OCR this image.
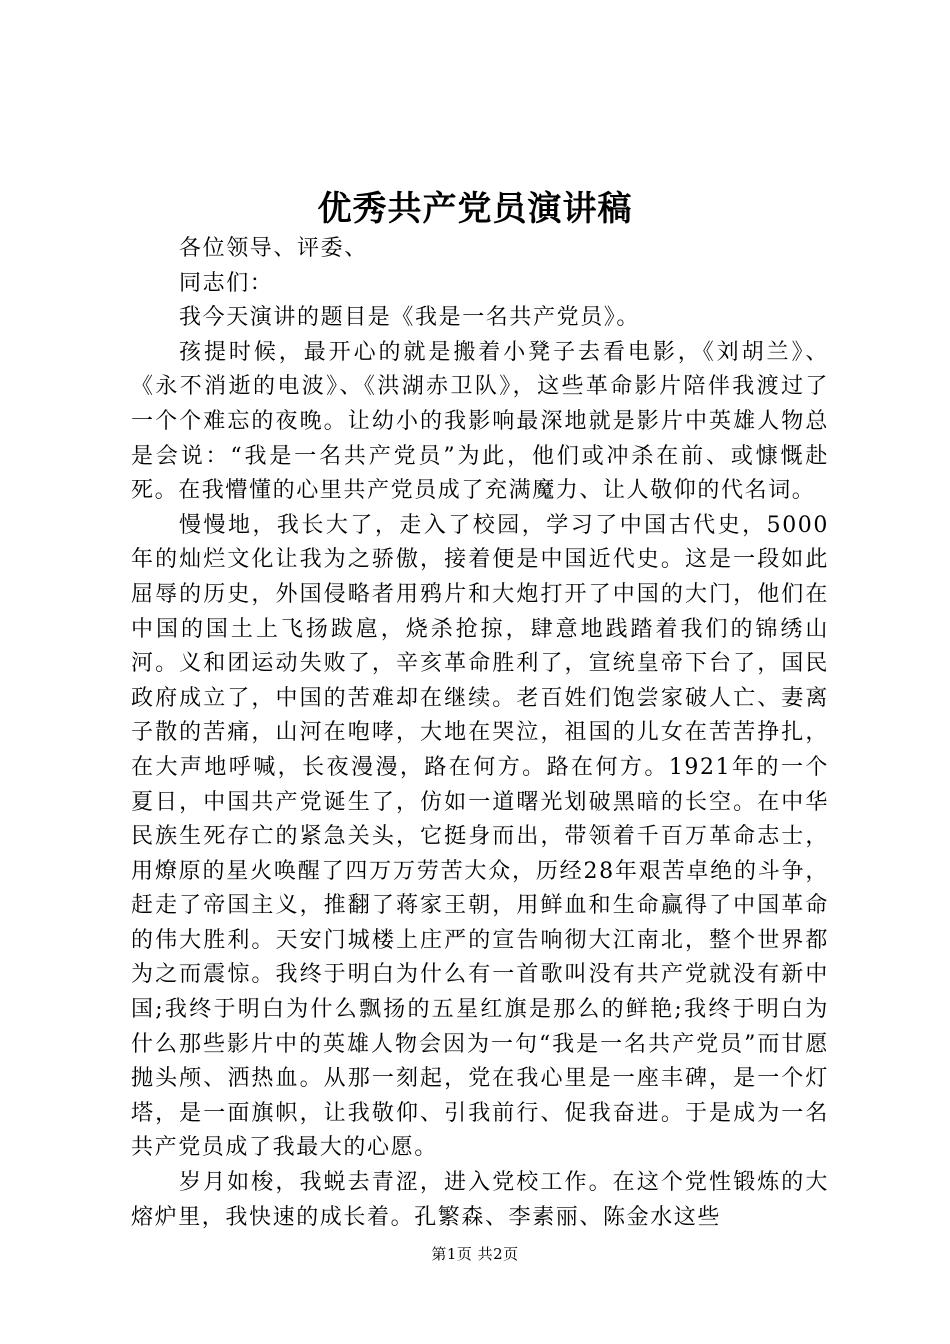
优秀共产党员演讲稿

各位领导、评委、

同志们：

我今天演讲的题目是《我是一名共产党员》。

孩提时候，最开心的就是搬着小凳子去看电影，《刘胡兰》、《永不消逝的电波》、《洪湖赤卫队》，这些革命影片陪伴我渡过了一个个难忘的夜晚。让幼小的我影响最深地就是影片中英雄人物总是会说：“我是一名共产党员”为此，他们或冲杀在前、或慷慨赴死。在我懵懂的心里共产党员成了充满魔力、让人敬仰的代名词。

慢慢地，我长大了，走入了校园，学习了中国古代史，5000年的灿烂文化让我为之骄傲，接着便是中国近代史。这是一段如此屈辱的历史，外国侵略者用鸦片和大炮打开了中国的大门，他们在中国的国土上飞扬跋扈，烧杀抢掠，肆意地践踏着我们的锦绣山河。义和团运动失败了，辛亥革命胜利了，宣统皇帝下台了，国民政府成立了，中国的苦难却在继续。老百姓们饱尝家破人亡、妻离子散的苦痛，山河在咆哮，大地在哭泣，祖国的儿女在苦苦挣扎，在大声地呼喊，长夜漫漫，路在何方。路在何方。1921年的一个夏日，中国共产党诞生了，仿如一道曙光划破黑暗的长空。在中华民族生死存亡的紧急关头，它挺身而出，带领着千百万革命志士，用燎原的星火唤醒了四万万劳苦大众，历经28年艰苦卓绝的斗争，赶走了帝国主义，推翻了蒋家王朝，用鲜血和生命赢得了中国革命的伟大胜利。天安门城楼上庄严的宣告响彻大江南北，整个世界都为之而震惊。我终于明白为什么有一首歌叫没有共产党就没有新中国;我终于明白为什么飘扬的五星红旗是那么的鲜艳;我终于明白为什么那些影片中的英雄人物会因为一句“我是一名共产党员”而甘愿抛头颅、洒热血。从那一刻起，党在我心里是一座丰碑，是一个灯塔，是一面旗帜，让我敬仰、引我前行、促我奋进。于是成为一名共产党员成了我最大的心愿。

岁月如梭，我蜕去青涩，进入党校工作。在这个党性锻炼的大熔炉里，我快速的成长着。孔繁森、李素丽、陈金水这些

第1页 共2页
